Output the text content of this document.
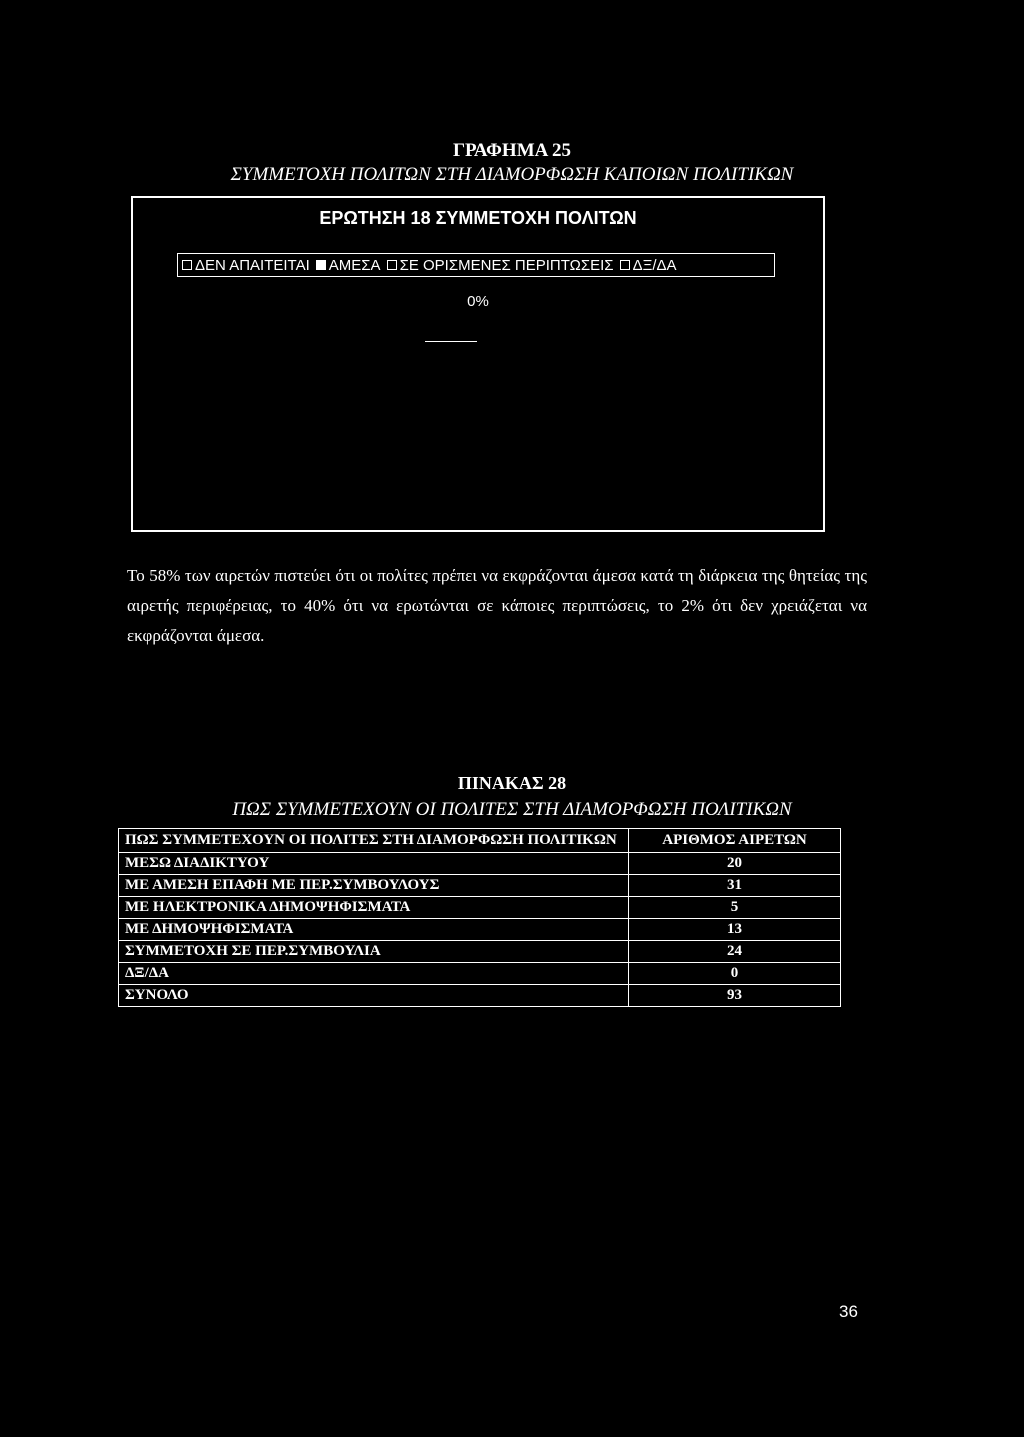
ΓΡΑΦΗΜΑ 25
ΣΥΜΜΕΤΟΧΗ ΠΟΛΙΤΩΝ ΣΤΗ ΔΙΑΜΟΡΦΩΣΗ ΚΑΠΟΙΩΝ ΠΟΛΙΤΙΚΩΝ
ΕΡΩΤΗΣΗ 18 ΣΥΜΜΕΤΟΧΗ ΠΟΛΙΤΩΝ
ΔΕΝ ΑΠΑΙΤΕΙΤΑΙ ΑΜΕΣΑ ΣΕ ΟΡΙΣΜΕΝΕΣ ΠΕΡΙΠΤΩΣΕΙΣ ΔΞ/ΔΑ
0%
Το 58% των αιρετών πιστεύει ότι οι πολίτες πρέπει να εκφράζονται άμεσα κατά τη διάρκεια της θητείας της αιρετής περιφέρειας, το 40% ότι να ερωτώνται σε κάποιες περιπτώσεις, το 2% ότι δεν χρειάζεται να εκφράζονται άμεσα.
ΠΙΝΑΚΑΣ 28
ΠΩΣ ΣΥΜΜΕΤΕΧΟΥΝ ΟΙ ΠΟΛΙΤΕΣ ΣΤΗ ΔΙΑΜΟΡΦΩΣΗ ΠΟΛΙΤΙΚΩΝ
ΠΩΣ ΣΥΜΜΕΤΕΧΟΥΝ ΟΙ ΠΟΛΙΤΕΣ ΣΤΗ ΔΙΑΜΟΡΦΩΣΗ ΠΟΛΙΤΙΚΩΝ	ΑΡΙΘΜΟΣ ΑΙΡΕΤΩΝ
ΜΕΣΩ ΔΙΑΔΙΚΤΥΟΥ	20
ΜΕ ΑΜΕΣΗ ΕΠΑΦΗ ΜΕ ΠΕΡ.ΣΥΜΒΟΥΛΟΥΣ	31
ΜΕ ΗΛΕΚΤΡΟΝΙΚΑ ΔΗΜΟΨΗΦΙΣΜΑΤΑ	5
ΜΕ ΔΗΜΟΨΗΦΙΣΜΑΤΑ	13
ΣΥΜΜΕΤΟΧΗ ΣΕ ΠΕΡ.ΣΥΜΒΟΥΛΙΑ	24
ΔΞ/ΔΑ	0
ΣΥΝΟΛΟ	93
36
